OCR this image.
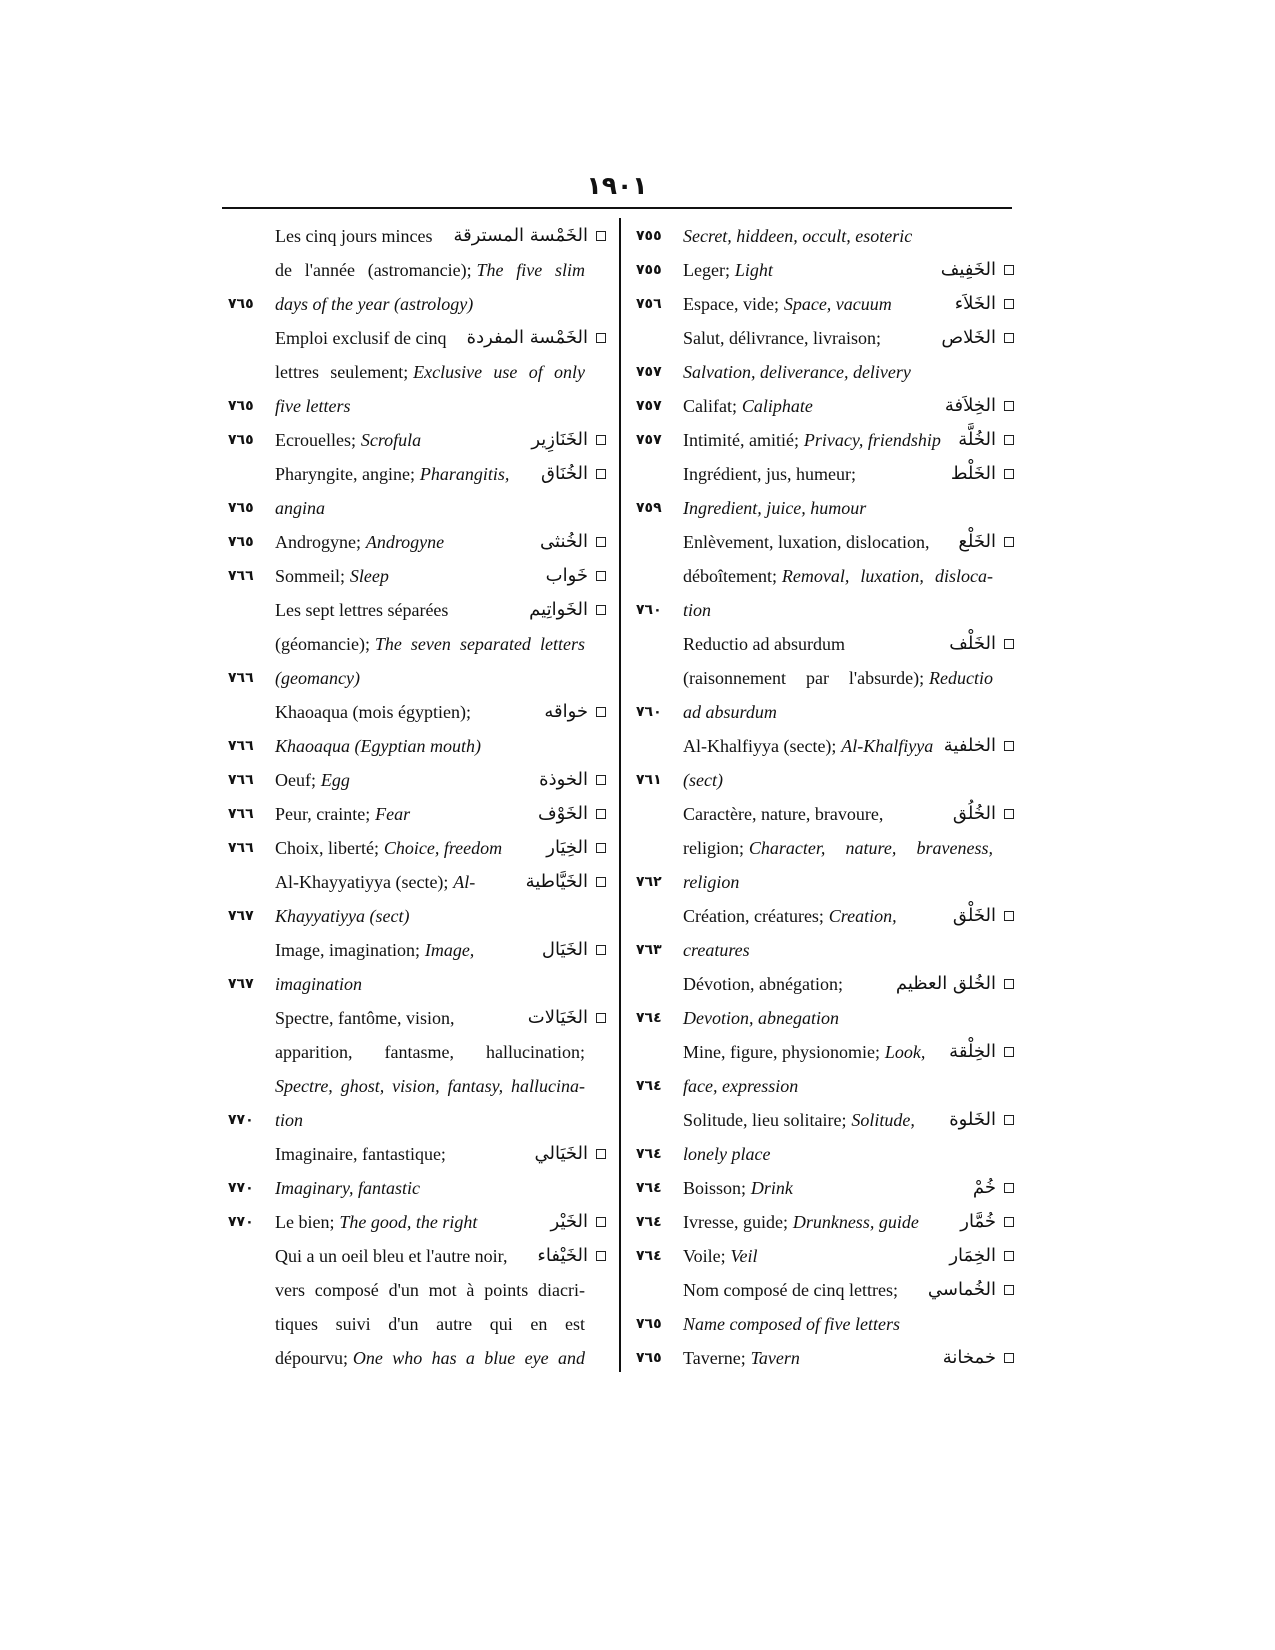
١٩٠١
٧٥٥	Secret, hiddeen, occult, esoteric
٧٥٥	Leger; Light	الخَفِيف
٧٥٦	Espace, vide; Space, vacuum	الخَلاَء
Salut, délivrance, livraison;	الخَلاص
٧٥٧	Salvation, deliverance, delivery
٧٥٧	Califat; Caliphate	الخِلاَفة
٧٥٧	Intimité, amitié; Privacy, friendship الخُلَّة
Ingrédient, jus, humeur;	الخَلْط
٧٥٩	Ingredient, juice, humour
Enlèvement, luxation, dislocation,	الخَلْع
déboîtement; Removal, luxation, disloca-
٧٦٠	tion
Reductio ad absurdum	الخَلْف
(raisonnement par l'absurde); Reductio
٧٦٠	ad absurdum
Al-Khalfiyya (secte); Al-Khalfiyya الخلفية
٧٦١	(sect)
Caractère, nature, bravoure,	الخُلُق
religion; Character, nature, braveness,
٧٦٢	religion
Création, créatures; Creation,	الخَلْق
٧٦٣	creatures
Dévotion, abnégation;	الخُلق العظيم
٧٦٤	Devotion, abnegation
Mine, figure, physionomie; Look,	الخِلْقة
٧٦٤	face, expression
Solitude, lieu solitaire; Solitude,	الخَلوة
٧٦٤	lonely place
٧٦٤	Boisson; Drink	خُمْ
٧٦٤	Ivresse, guide; Drunkness, guide	خُمَّار
٧٦٤	Voile; Veil	الخِمَار
Nom composé de cinq lettres;	الخُماسي
٧٦٥	Name composed of five letters
٧٦٥	Taverne; Tavern	خمخانة
Les cinq jours minces	الخَمْسة المسترقة
de l'année (astromancie); The five slim
٧٦٥	days of the year (astrology)
Emploi exclusif de cinq	الخَمْسة المفردة
lettres seulement; Exclusive use of only
٧٦٥	five letters
٧٦٥	Ecrouelles; Scrofula	الخَنَازِير
Pharyngite, angine; Pharangitis,	الخُنَاق
٧٦٥	angina
٧٦٥	Androgyne; Androgyne	الخُنثى
٧٦٦	Sommeil; Sleep	خَواب
Les sept lettres séparées	الخَواتِيم
(géomancie); The seven separated letters
٧٦٦	(geomancy)
Khaoaqua (mois égyptien);	خواقه
٧٦٦	Khaoaqua (Egyptian mouth)
٧٦٦	Oeuf; Egg	الخوذة
٧٦٦	Peur, crainte; Fear	الخَوْف
٧٦٦	Choix, liberté; Choice, freedom	الخِيَار
Al-Khayyatiyya (secte); Al-	الخَيَّاطية
٧٦٧	Khayyatiyya (sect)
Image, imagination; Image,	الخَيَال
٧٦٧	imagination
Spectre, fantôme, vision,	الخَيَالات
apparition, fantasme, hallucination;
Spectre, ghost, vision, fantasy, hallucina-
٧٧٠	tion
Imaginaire, fantastique;	الخَيَالي
٧٧٠	Imaginary, fantastic
٧٧٠	Le bien; The good, the right	الخَيْر
Qui a un oeil bleu et l'autre noir,	الخَيْفاء
vers composé d'un mot à points diacri-
tiques suivi d'un autre qui en est
dépourvu; One who has a blue eye and
